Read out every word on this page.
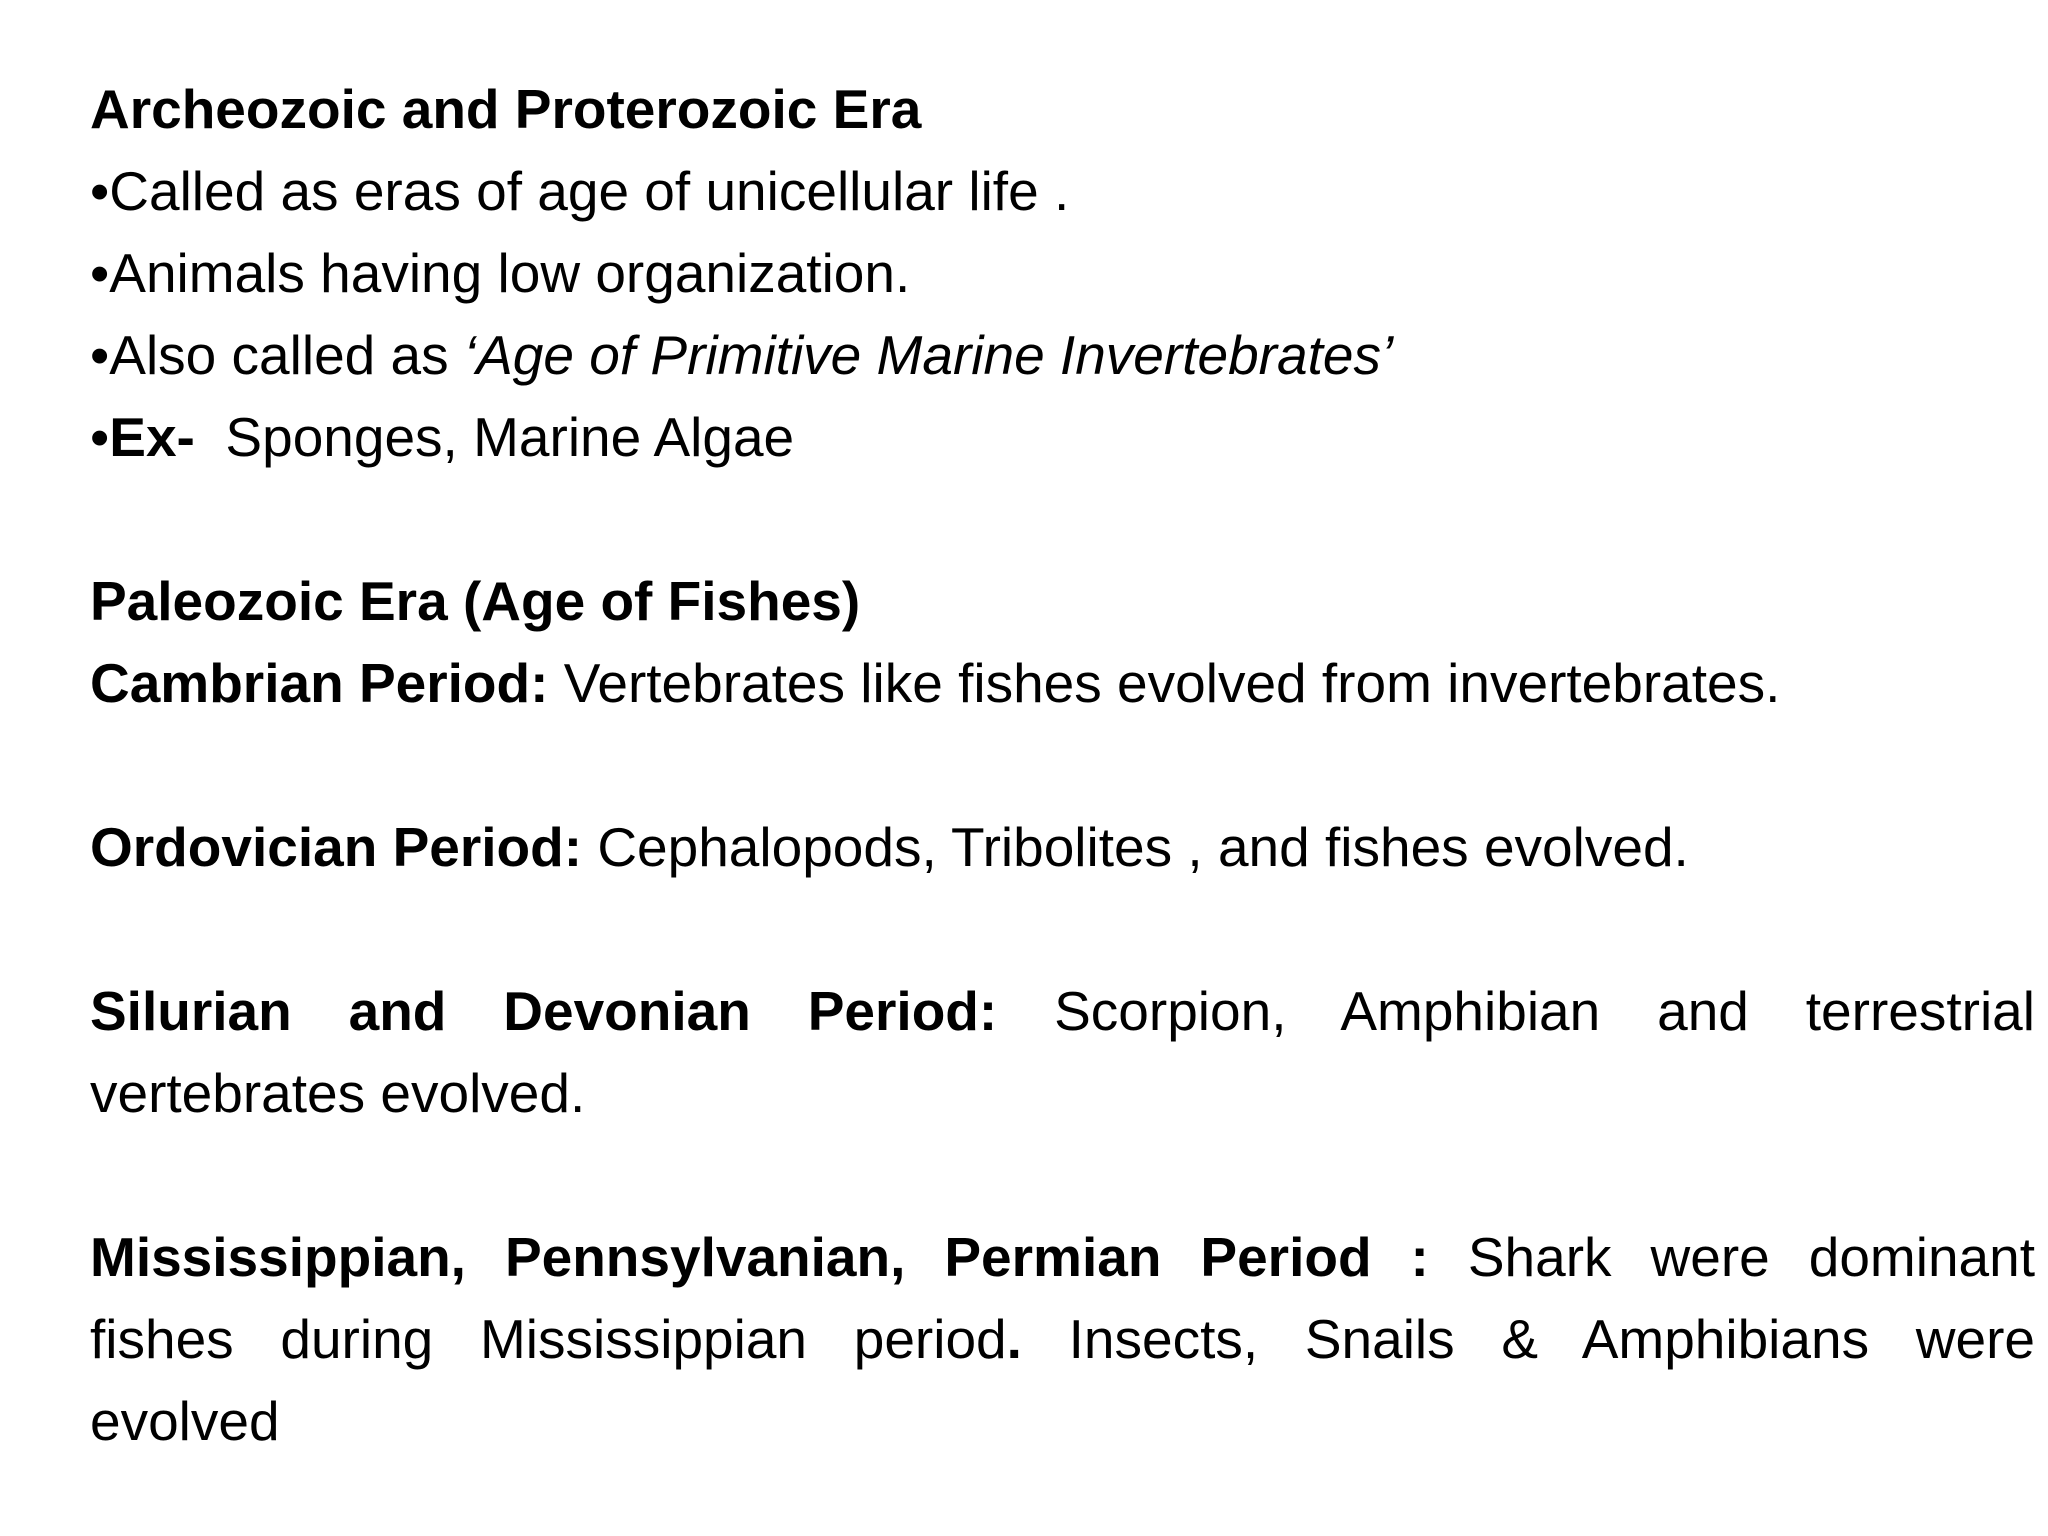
Archeozoic and Proterozoic Era

•Called as eras of age of unicellular life .

•Animals having low organization.

•Also called as ‘Age of Primitive Marine Invertebrates’

•Ex-  Sponges, Marine Algae

Paleozoic Era (Age of Fishes)

Cambrian Period: Vertebrates like fishes evolved from invertebrates.

Ordovician Period: Cephalopods, Tribolites , and fishes evolved.

Silurian and Devonian Period: Scorpion, Amphibian and terrestrial
vertebrates evolved.
Mississippian, Pennsylvanian, Permian Period : Shark were dominant
fishes during Mississippian period. Insects, Snails & Amphibians were
evolved
